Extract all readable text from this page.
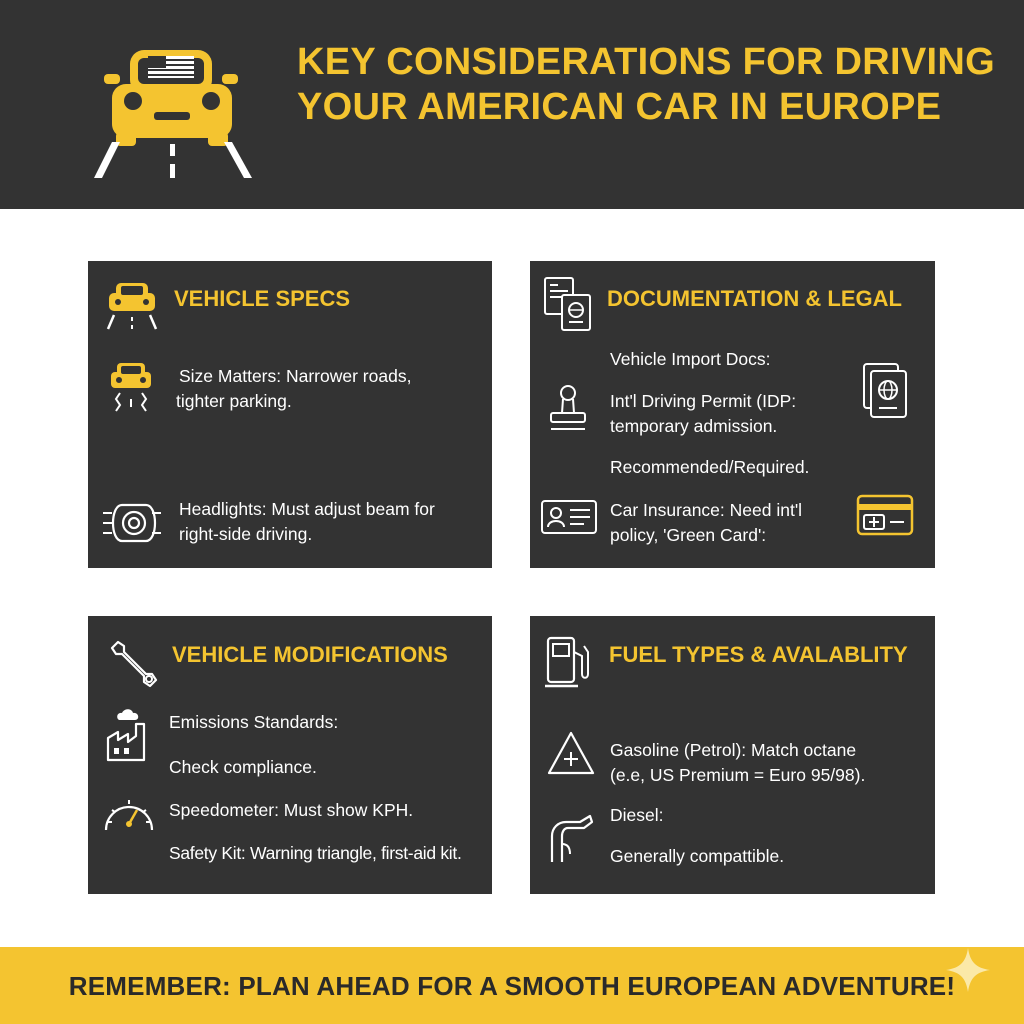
KEY CONSIDERATIONS FOR DRIVING YOUR AMERICAN CAR IN EUROPE
VEHICLE SPECS
Size Matters: Narrower roads,
tighter parking.
Headlights: Must adjust beam for
right-side driving.
DOCUMENTATION & LEGAL
Vehicle Import Docs:
Int'l Driving Permit (IDP:
temporary admission.
Recommended/Required.
Car Insurance: Need int'l
policy, 'Green Card':
VEHICLE MODIFICATIONS
Emissions Standards:
Check compliance.
Speedometer: Must show KPH.
Safety Kit: Warning triangle, first-aid kit.
FUEL TYPES & AVALABLITY
Gasoline (Petrol): Match octane
(e.e, US Premium = Euro 95/98).
Diesel:
Generally compattible.
REMEMBER: PLAN AHEAD FOR A SMOOTH EUROPEAN ADVENTURE!
